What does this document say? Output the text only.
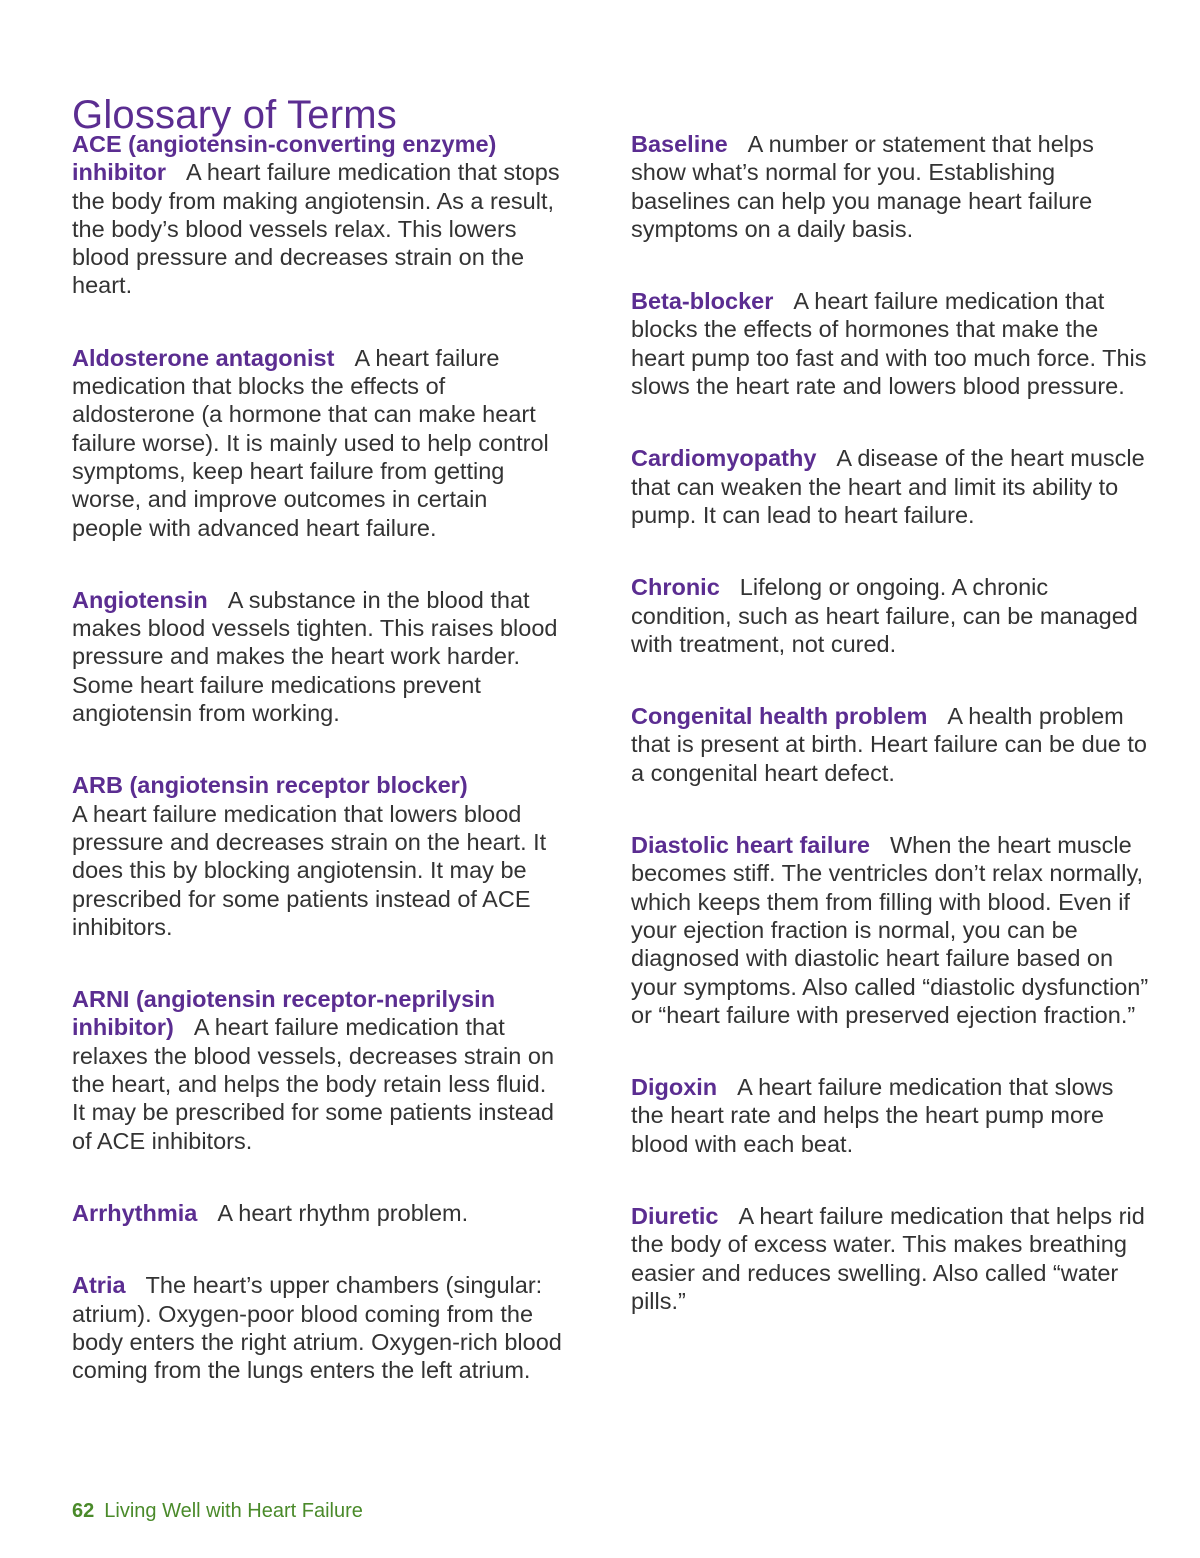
Glossary of Terms

ACE (angiotensin-converting enzyme) inhibitor A heart failure medication that stops the body from making angiotensin. As a result, the body’s blood vessels relax. This lowers blood pressure and decreases strain on the heart.

Aldosterone antagonist A heart failure medication that blocks the effects of aldosterone (a hormone that can make heart failure worse). It is mainly used to help control symptoms, keep heart failure from getting worse, and improve outcomes in certain people with advanced heart failure.

Angiotensin A substance in the blood that makes blood vessels tighten. This raises blood pressure and makes the heart work harder. Some heart failure medications prevent angiotensin from working.

ARB (angiotensin receptor blocker)
A heart failure medication that lowers blood pressure and decreases strain on the heart. It does this by blocking angiotensin. It may be prescribed for some patients instead of ACE inhibitors.

ARNI (angiotensin receptor-neprilysin inhibitor) A heart failure medication that relaxes the blood vessels, decreases strain on the heart, and helps the body retain less fluid. It may be prescribed for some patients instead of ACE inhibitors.

Arrhythmia A heart rhythm problem.

Atria The heart’s upper chambers (singular: atrium). Oxygen-poor blood coming from the body enters the right atrium. Oxygen-rich blood coming from the lungs enters the left atrium.

Baseline A number or statement that helps show what’s normal for you. Establishing baselines can help you manage heart failure symptoms on a daily basis.

Beta-blocker A heart failure medication that blocks the effects of hormones that make the heart pump too fast and with too much force. This slows the heart rate and lowers blood pressure.

Cardiomyopathy A disease of the heart muscle that can weaken the heart and limit its ability to pump. It can lead to heart failure.

Chronic Lifelong or ongoing. A chronic condition, such as heart failure, can be managed with treatment, not cured.

Congenital health problem A health problem that is present at birth. Heart failure can be due to a congenital heart defect.

Diastolic heart failure When the heart muscle becomes stiff. The ventricles don’t relax normally, which keeps them from filling with blood. Even if your ejection fraction is normal, you can be diagnosed with diastolic heart failure based on your symptoms. Also called “diastolic dysfunction” or “heart failure with preserved ejection fraction.”

Digoxin A heart failure medication that slows the heart rate and helps the heart pump more blood with each beat.

Diuretic A heart failure medication that helps rid the body of excess water. This makes breathing easier and reduces swelling. Also called “water pills.”

62 Living Well with Heart Failure
